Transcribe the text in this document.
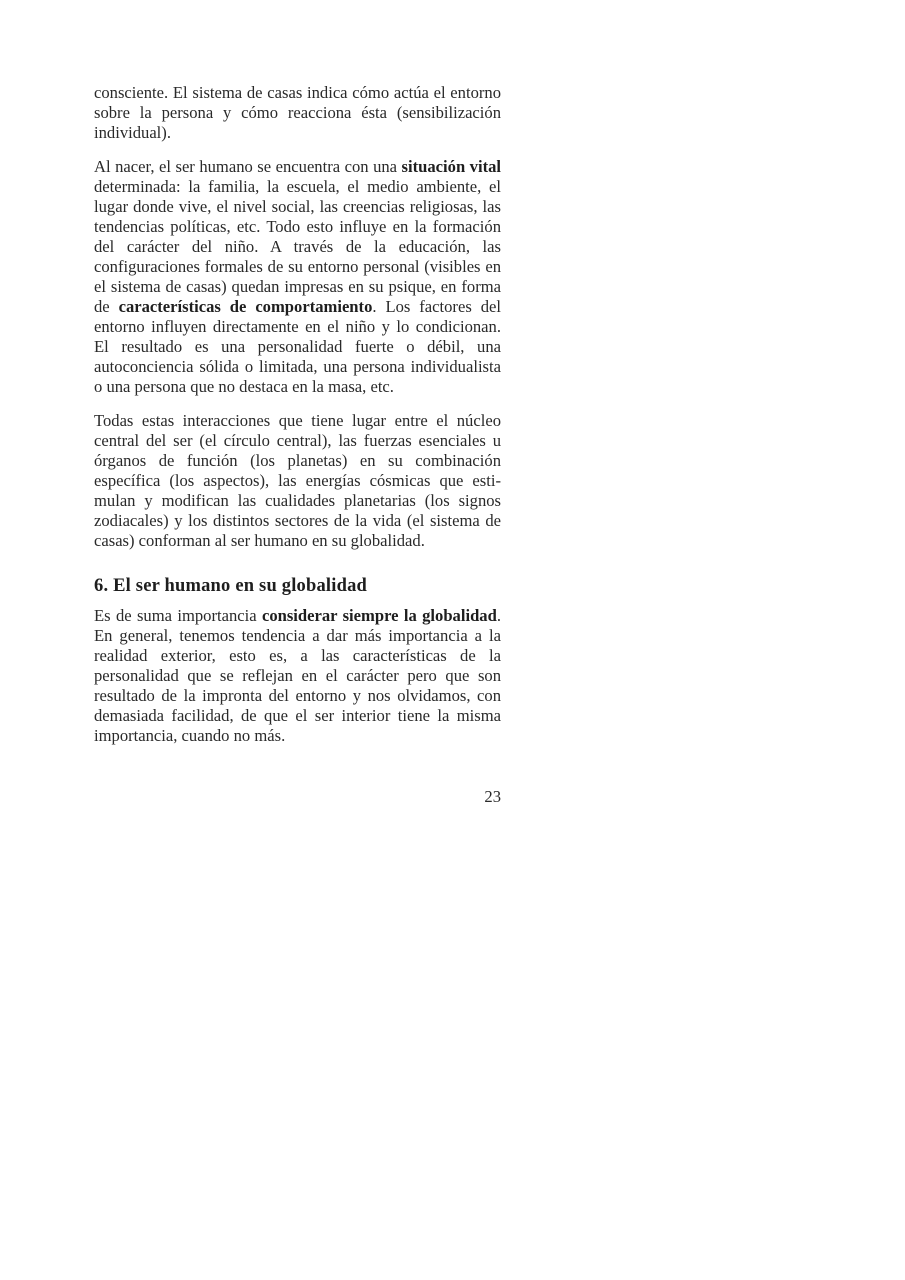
consciente. El sistema de casas indica cómo actúa el entorno sobre la persona y cómo reacciona ésta (sensibilización individual).

Al nacer, el ser humano se encuentra con una situación vital determinada: la familia, la escuela, el medio ambiente, el lugar donde vive, el nivel social, las creencias religiosas, las tendencias políticas, etc. Todo esto influye en la formación del carácter del niño. A través de la educación, las configuraciones formales de su entorno personal (visibles en el sistema de casas) quedan impresas en su psique, en forma de características de comportamiento. Los factores del entorno influyen directamente en el niño y lo condicionan. El resultado es una personalidad fuerte o débil, una autoconciencia sólida o limitada, una persona individualista o una persona que no destaca en la masa, etc.

Todas estas interacciones que tiene lugar entre el núcleo central del ser (el círculo central), las fuerzas esenciales u órganos de función (los planetas) en su combinación específica (los aspectos), las energías cósmicas que estimulan y modifican las cualidades planetarias (los signos zodiacales) y los distintos sectores de la vida (el sistema de casas) conforman al ser humano en su globalidad.

6. El ser humano en su globalidad

Es de suma importancia considerar siempre la globalidad. En general, tenemos tendencia a dar más importancia a la realidad exterior, esto es, a las características de la personalidad que se reflejan en el carácter pero que son resultado de la impronta del entorno y nos olvidamos, con demasiada facilidad, de que el ser interior tiene la misma importancia, cuando no más.

23
